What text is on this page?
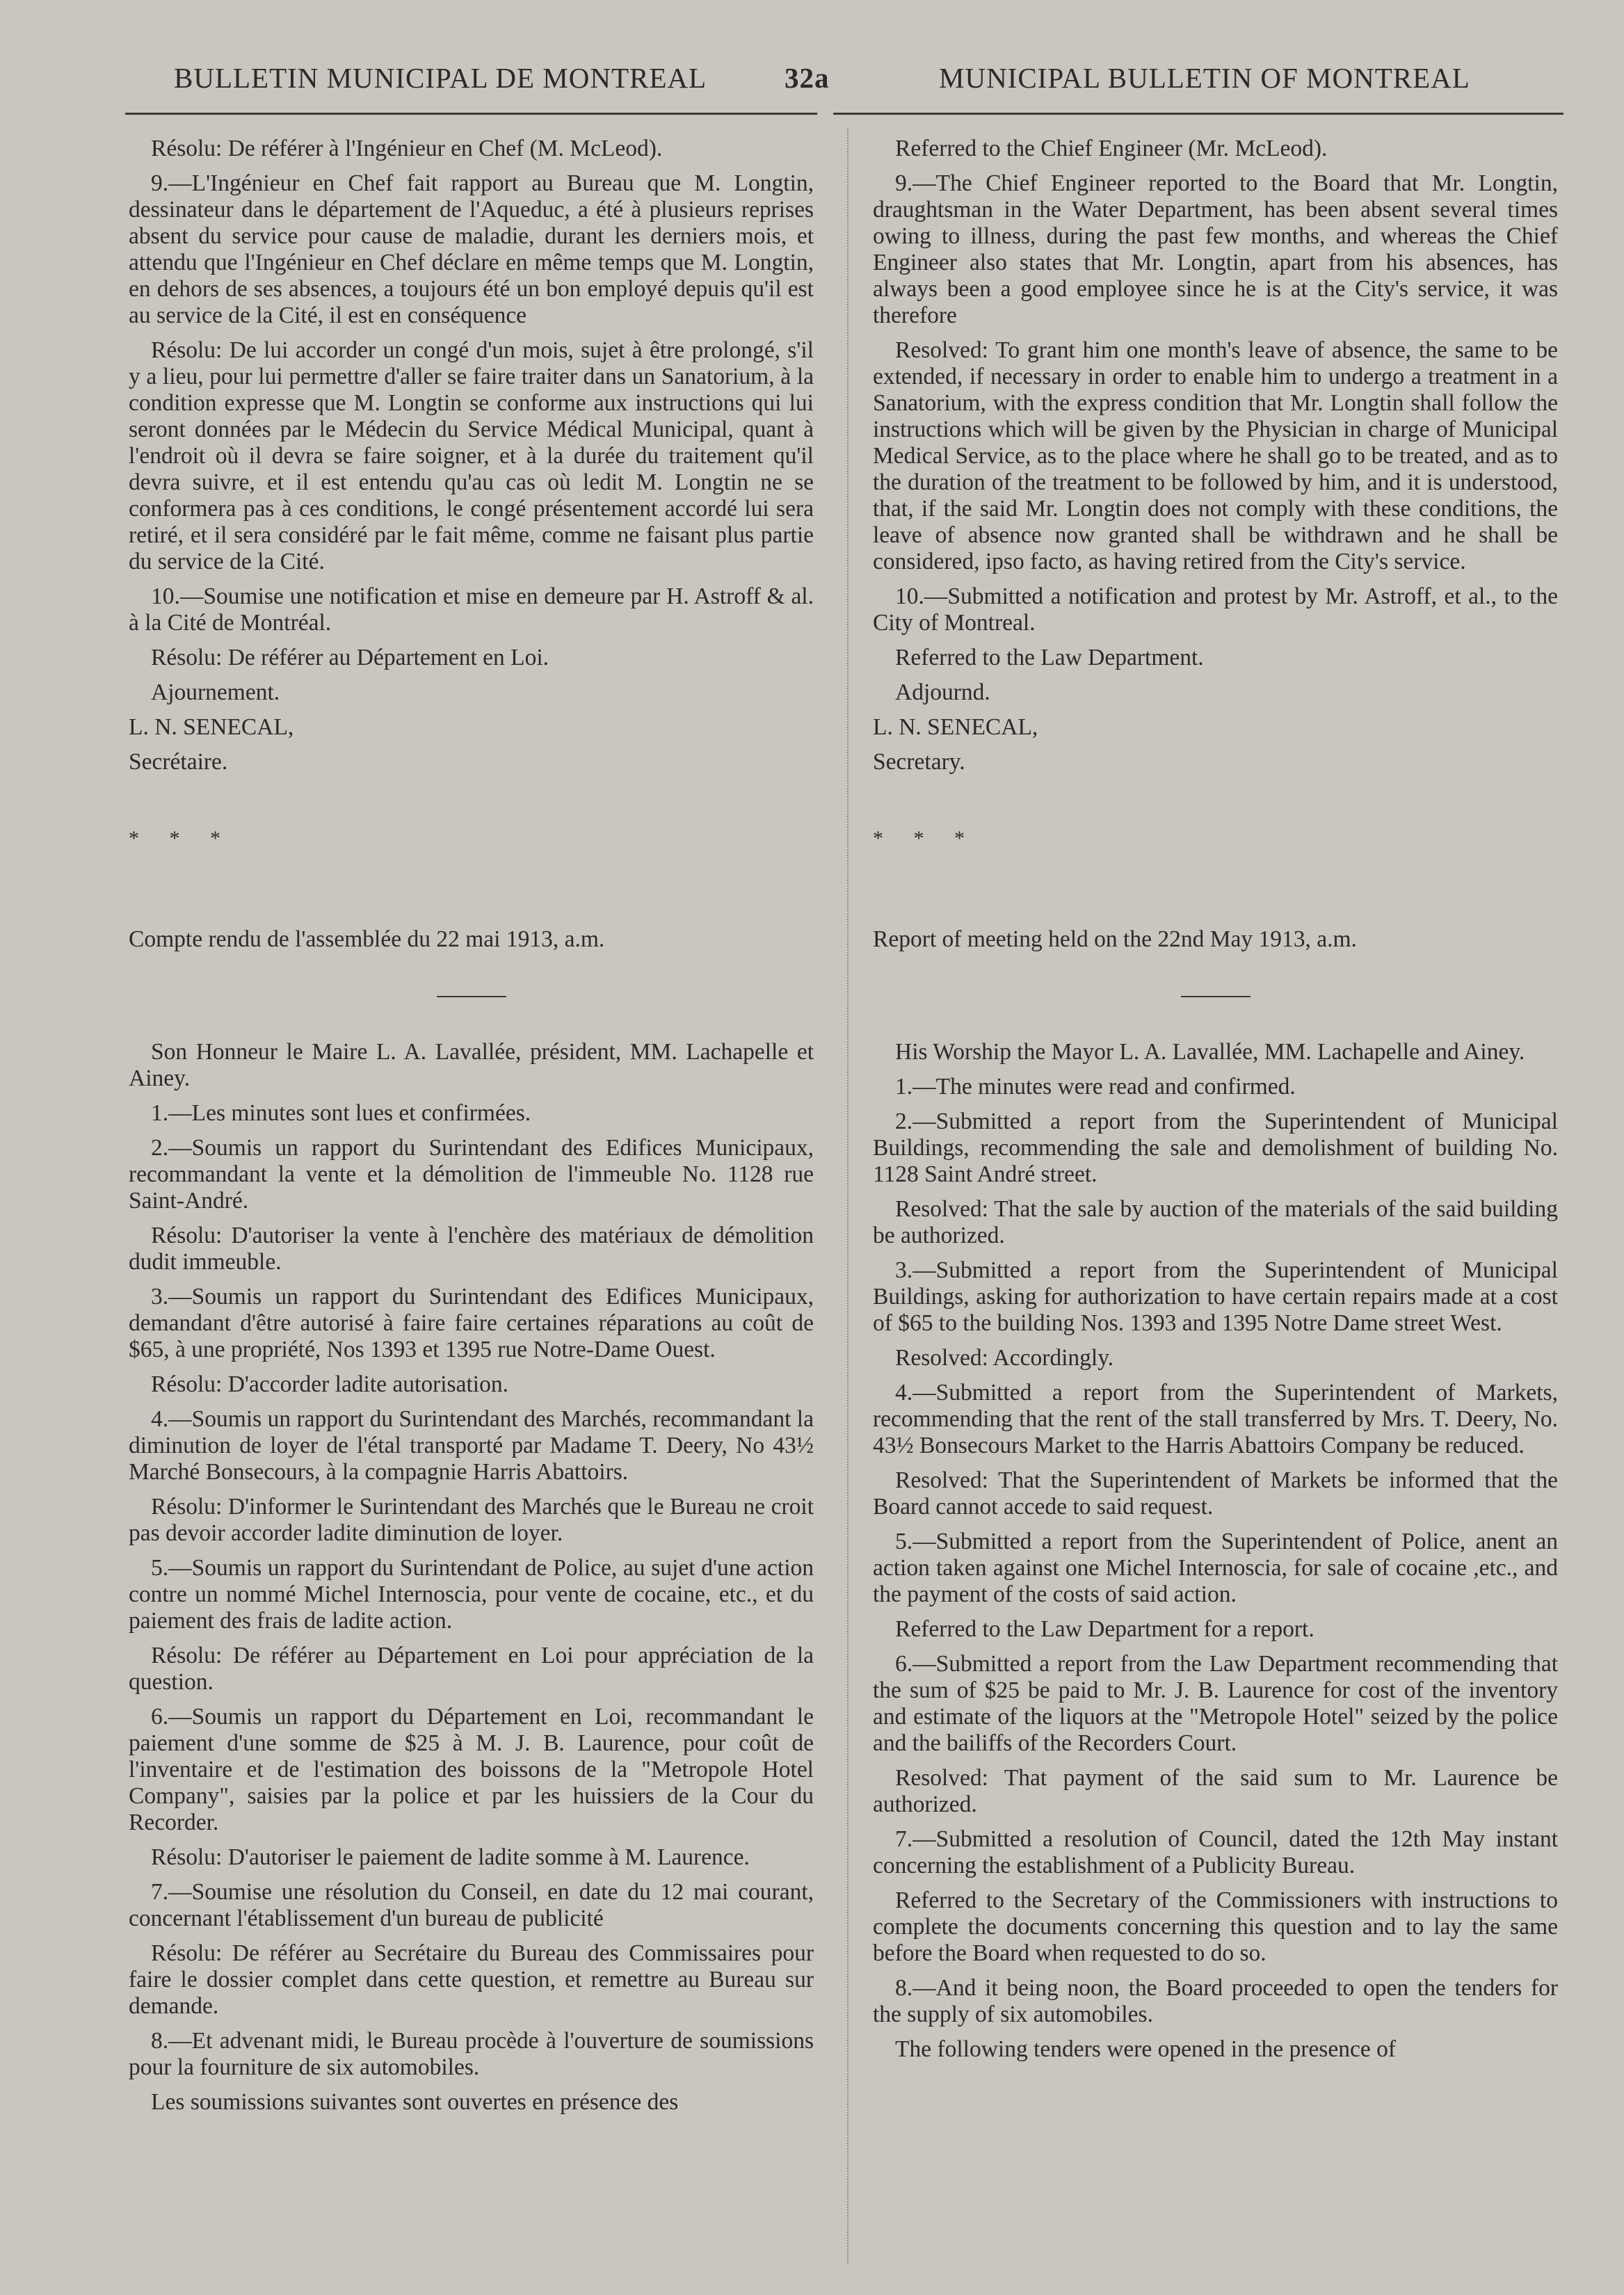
BULLETIN MUNICIPAL DE MONTREAL	32a	MUNICIPAL BULLETIN OF MONTREAL

Résolu: De référer à l'Ingénieur en Chef (M. McLeod).

9.—L'Ingénieur en Chef fait rapport au Bureau que M. Longtin, dessinateur dans le département de l'Aqueduc, a été à plusieurs reprises absent du service pour cause de maladie, durant les derniers mois, et attendu que l'Ingénieur en Chef déclare en même temps que M. Longtin, en dehors de ses absences, a toujours été un bon employé depuis qu'il est au service de la Cité, il est en conséquence

Résolu: De lui accorder un congé d'un mois, sujet à être prolongé, s'il y a lieu, pour lui permettre d'aller se faire traiter dans un Sanatorium, à la condition expresse que M. Longtin se conforme aux instructions qui lui seront données par le Médecin du Service Médical Municipal, quant à l'endroit où il devra se faire soigner, et à la durée du traitement qu'il devra suivre, et il est entendu qu'au cas où ledit M. Longtin ne se conformera pas à ces conditions, le congé présentement accordé lui sera retiré, et il sera considéré par le fait même, comme ne faisant plus partie du service de la Cité.

10.—Soumise une notification et mise en demeure par H. Astroff & al. à la Cité de Montréal.

Résolu: De référer au Département en Loi.

Ajournement.

L. N. SENECAL,

Secrétaire.

* * *

Compte rendu de l'assemblée du 22 mai 1913, a.m.

Son Honneur le Maire L. A. Lavallée, président, MM. Lachapelle et Ainey.

1.—Les minutes sont lues et confirmées.

2.—Soumis un rapport du Surintendant des Edifices Municipaux, recommandant la vente et la démolition de l'immeuble No. 1128 rue Saint-André.

Résolu: D'autoriser la vente à l'enchère des matériaux de démolition dudit immeuble.

3.—Soumis un rapport du Surintendant des Edifices Municipaux, demandant d'être autorisé à faire faire certaines réparations au coût de $65, à une propriété, Nos 1393 et 1395 rue Notre-Dame Ouest.

Résolu: D'accorder ladite autorisation.

4.—Soumis un rapport du Surintendant des Marchés, recommandant la diminution de loyer de l'étal transporté par Madame T. Deery, No 43½ Marché Bonsecours, à la compagnie Harris Abattoirs.

Résolu: D'informer le Surintendant des Marchés que le Bureau ne croit pas devoir accorder ladite diminution de loyer.

5.—Soumis un rapport du Surintendant de Police, au sujet d'une action contre un nommé Michel Internoscia, pour vente de cocaine, etc., et du paiement des frais de ladite action.

Résolu: De référer au Département en Loi pour appréciation de la question.

6.—Soumis un rapport du Département en Loi, recommandant le paiement d'une somme de $25 à M. J. B. Laurence, pour coût de l'inventaire et de l'estimation des boissons de la "Metropole Hotel Company", saisies par la police et par les huissiers de la Cour du Recorder.

Résolu: D'autoriser le paiement de ladite somme à M. Laurence.

7.—Soumise une résolution du Conseil, en date du 12 mai courant, concernant l'établissement d'un bureau de publicité

Résolu: De référer au Secrétaire du Bureau des Commissaires pour faire le dossier complet dans cette question, et remettre au Bureau sur demande.

8.—Et advenant midi, le Bureau procède à l'ouverture de soumissions pour la fourniture de six automobiles.

Les soumissions suivantes sont ouvertes en présence des

Referred to the Chief Engineer (Mr. McLeod).

9.—The Chief Engineer reported to the Board that Mr. Longtin, draughtsman in the Water Department, has been absent several times owing to illness, during the past few months, and whereas the Chief Engineer also states that Mr. Longtin, apart from his absences, has always been a good employee since he is at the City's service, it was therefore

Resolved: To grant him one month's leave of absence, the same to be extended, if necessary in order to enable him to undergo a treatment in a Sanatorium, with the express condition that Mr. Longtin shall follow the instructions which will be given by the Physician in charge of Municipal Medical Service, as to the place where he shall go to be treated, and as to the duration of the treatment to be followed by him, and it is understood, that, if the said Mr. Longtin does not comply with these conditions, the leave of absence now granted shall be withdrawn and he shall be considered, ipso facto, as having retired from the City's service.

10.—Submitted a notification and protest by Mr. Astroff, et al., to the City of Montreal.

Referred to the Law Department.

Adjournd.

L. N. SENECAL,

Secretary.

* * *

Report of meeting held on the 22nd May 1913, a.m.

His Worship the Mayor L. A. Lavallée, MM. Lachapelle and Ainey.

1.—The minutes were read and confirmed.

2.—Submitted a report from the Superintendent of Municipal Buildings, recommending the sale and demolishment of building No. 1128 Saint André street.

Resolved: That the sale by auction of the materials of the said building be authorized.

3.—Submitted a report from the Superintendent of Municipal Buildings, asking for authorization to have certain repairs made at a cost of $65 to the building Nos. 1393 and 1395 Notre Dame street West.

Resolved: Accordingly.

4.—Submitted a report from the Superintendent of Markets, recommending that the rent of the stall transferred by Mrs. T. Deery, No. 43½ Bonsecours Market to the Harris Abattoirs Company be reduced.

Resolved: That the Superintendent of Markets be informed that the Board cannot accede to said request.

5.—Submitted a report from the Superintendent of Police, anent an action taken against one Michel Internoscia, for sale of cocaine ,etc., and the payment of the costs of said action.

Referred to the Law Department for a report.

6.—Submitted a report from the Law Department recommending that the sum of $25 be paid to Mr. J. B. Laurence for cost of the inventory and estimate of the liquors at the "Metropole Hotel" seized by the police and the bailiffs of the Recorders Court.

Resolved: That payment of the said sum to Mr. Laurence be authorized.

7.—Submitted a resolution of Council, dated the 12th May instant concerning the establishment of a Publicity Bureau.

Referred to the Secretary of the Commissioners with instructions to complete the documents concerning this question and to lay the same before the Board when requested to do so.

8.—And it being noon, the Board proceeded to open the tenders for the supply of six automobiles.

The following tenders were opened in the presence of
